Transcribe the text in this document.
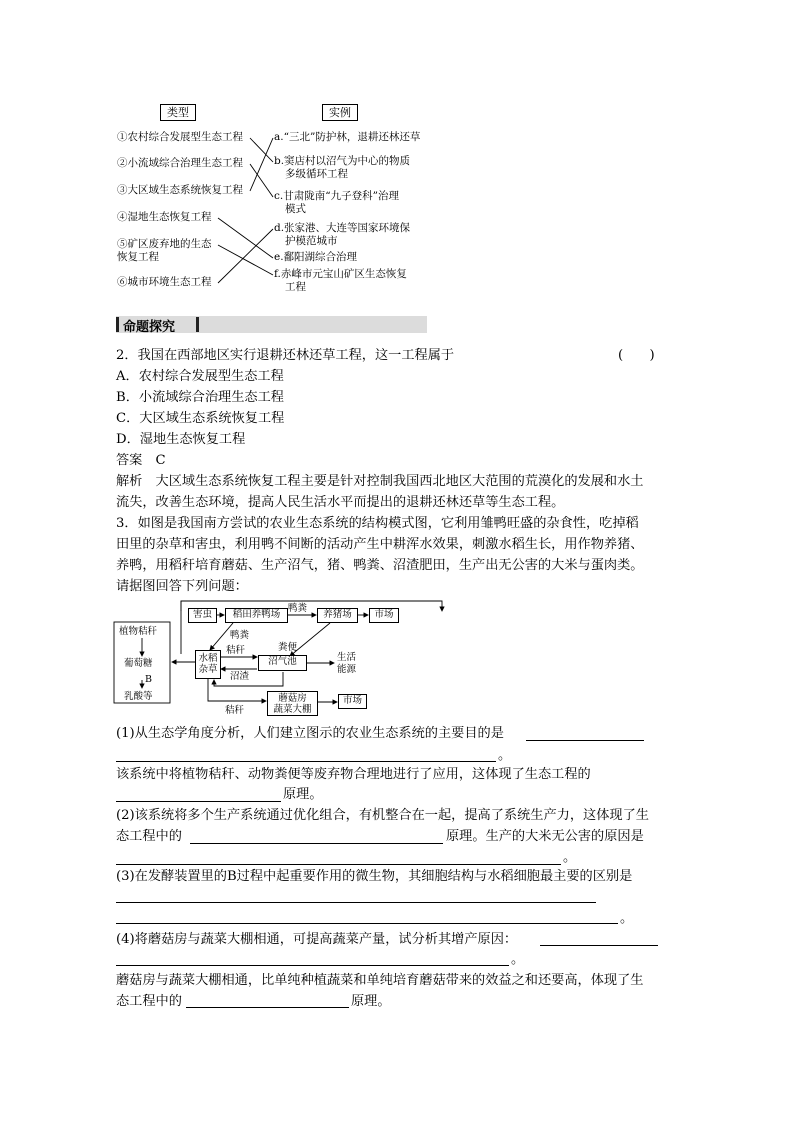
类型	实例
①农村综合发展型生态工程
②小流域综合治理生态工程
③大区域生态系统恢复工程
④湿地生态恢复工程
⑤矿区废弃地的生态
恢复工程
⑥城市环境生态工程
a.“三北”防护林，退耕还林还草
b.窦店村以沼气为中心的物质
多级循环工程
c.甘肃陇南“九子登科”治理
模式
d.张家港、大连等国家环境保
护模范城市
e.鄱阳湖综合治理
f.赤峰市元宝山矿区生态恢复
工程
命题探究
2．我国在西部地区实行退耕还林还草工程，这一工程属于	(　　)
A．农村综合发展型生态工程
B．小流域综合治理生态工程
C．大区域生态系统恢复工程
D．湿地生态恢复工程
答案　C
解析　大区域生态系统恢复工程主要是针对控制我国西北地区大范围的荒漠化的发展和水土
流失，改善生态环境，提高人民生活水平而提出的退耕还林还草等生态工程。
3．如图是我国南方尝试的农业生态系统的结构模式图，它利用雏鸭旺盛的杂食性，吃掉稻
田里的杂草和害虫，利用鸭不间断的活动产生中耕浑水效果，刺激水稻生长，用作物养猪、
养鸭，用稻秆培育蘑菇、生产沼气，猪、鸭粪、沼渣肥田，生产出无公害的大米与蛋肉类。
请据图回答下列问题：
害虫	稻田养鸭场	养猪场	市场
水稻
杂草
沼气池
蘑菇房
蔬菜大棚
市场
鸭粪
鸭粪
粪便
秸秆
沼渣
生活
能源
秸秆
植物秸秆
葡萄糖
B
乳酸等
(1)从生态学角度分析，人们建立图示的农业生态系统的主要目的是
。
该系统中将植物秸秆、动物粪便等废弃物合理地进行了应用，这体现了生态工程的
原理。
(2)该系统将多个生产系统通过优化组合，有机整合在一起，提高了系统生产力，这体现了生
态工程中的	原理。生产的大米无公害的原因是
。
(3)在发酵装置里的B过程中起重要作用的微生物，其细胞结构与水稻细胞最主要的区别是
。
(4)将蘑菇房与蔬菜大棚相通，可提高蔬菜产量，试分析其增产原因：
。
蘑菇房与蔬菜大棚相通，比单纯种植蔬菜和单纯培育蘑菇带来的效益之和还要高，体现了生
态工程中的	原理。
